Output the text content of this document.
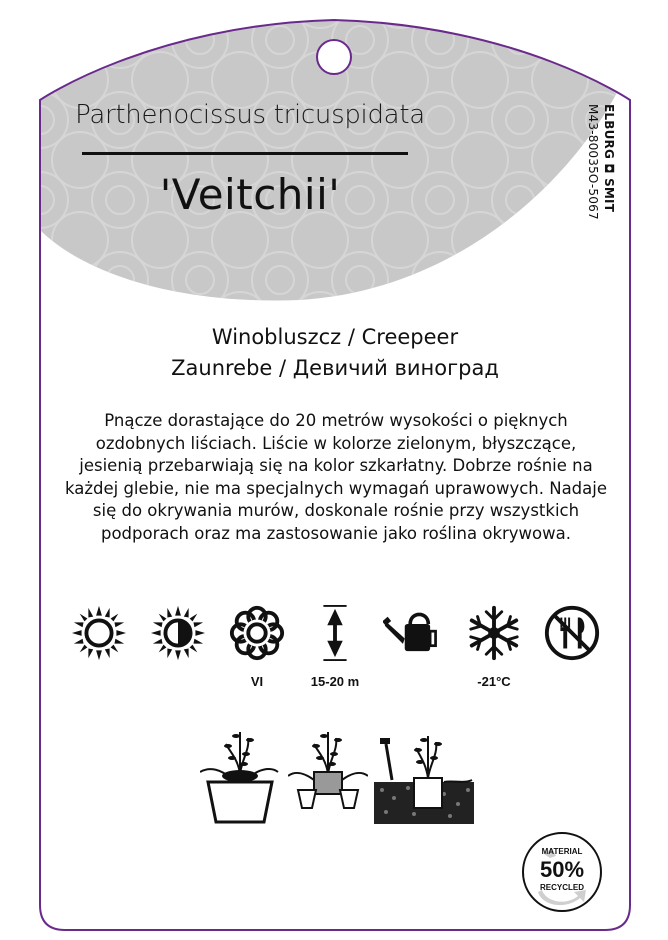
Parthenocissus tricuspidata
'Veitchii'	ELBURG ◘ SMIT
M43-80035O-5067
Winobluszcz / Creepeer
Zaunrebe / Девичий виноград
Pnącze dorastające do 20 metrów wysokości o pięknych ozdobnych liściach. Liście w kolorze zielonym, błyszczące, jesienią przebarwiają się na kolor szkarłatny. Dobrze rośnie na każdej glebie, nie ma specjalnych wymagań uprawowych. Nadaje się do okrywania murów, doskonale rośnie przy wszystkich podporach oraz ma zastosowanie jako roślina okrywowa.
VI	15-20 m	-21°C
MATERIAL
50%
RECYCLED
